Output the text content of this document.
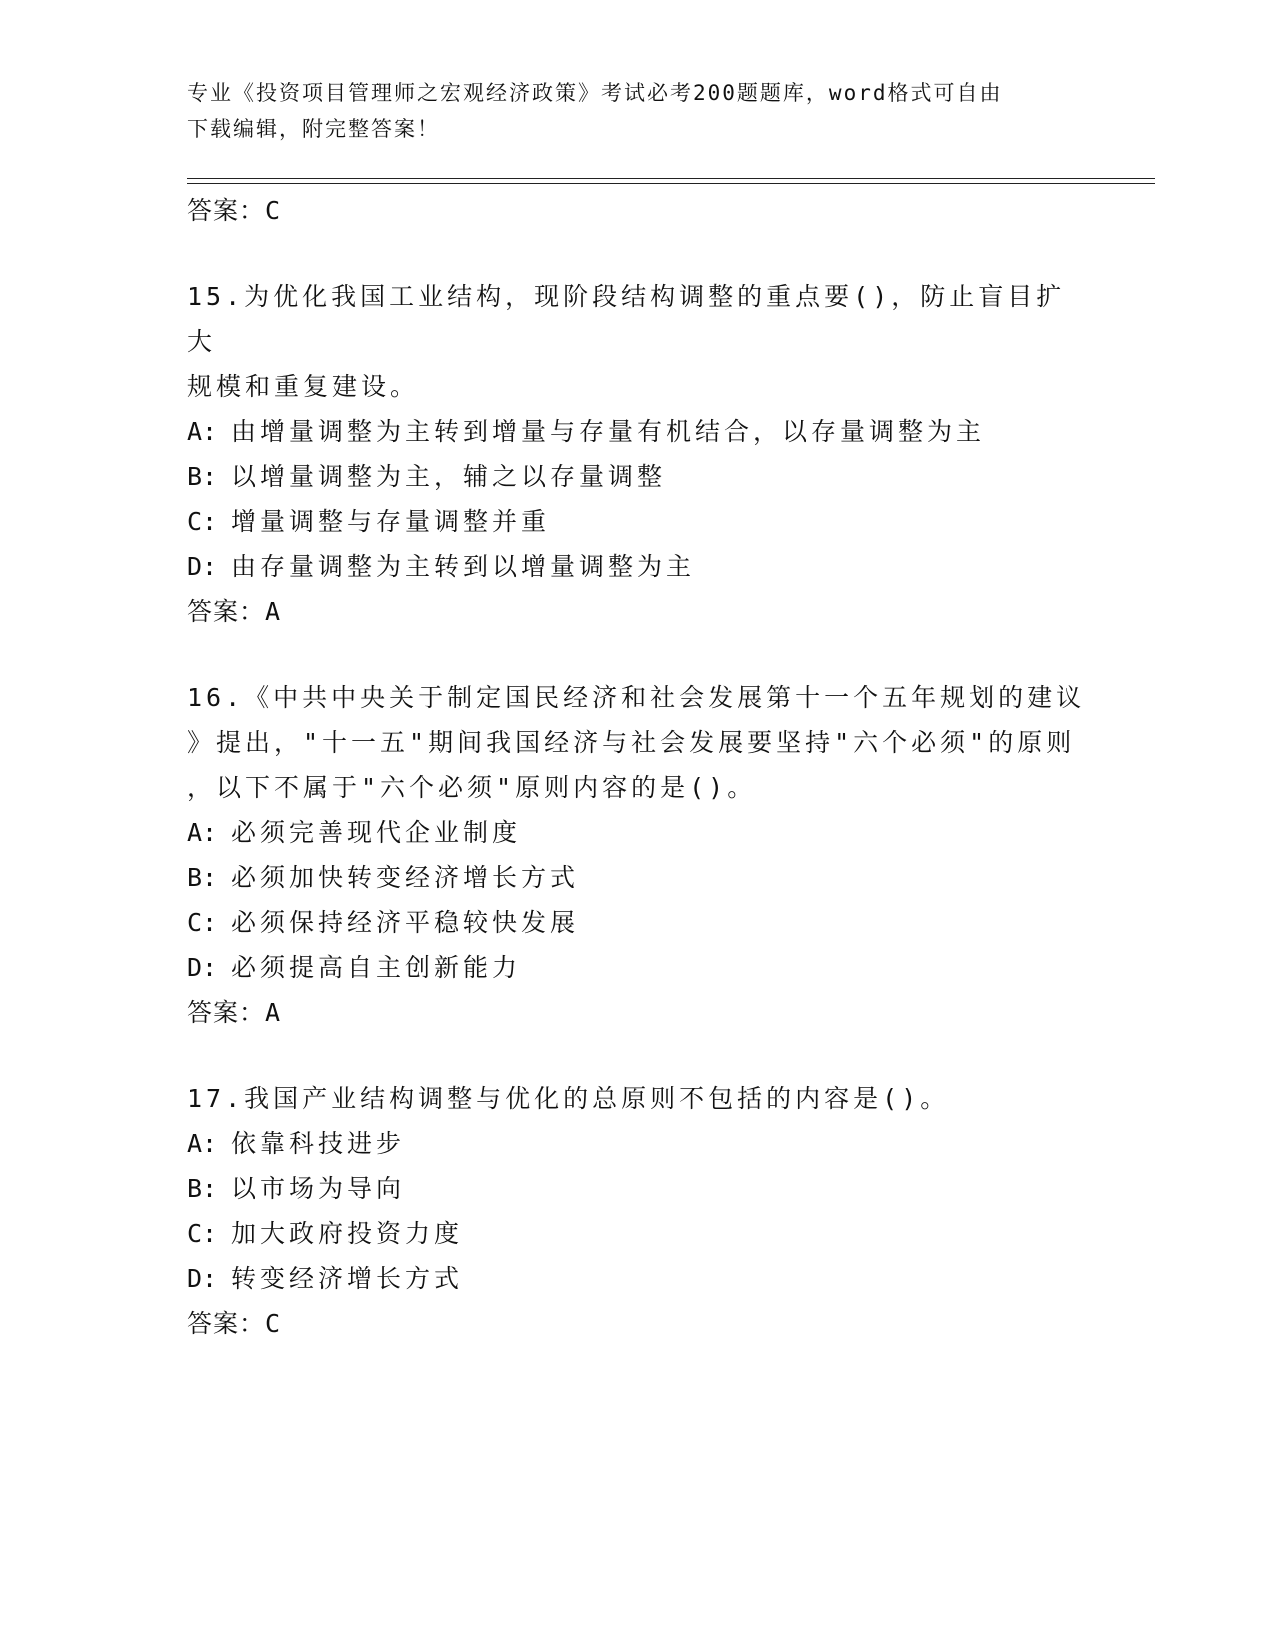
专业《投资项目管理师之宏观经济政策》考试必考200题题库，word格式可自由
下载编辑，附完整答案！
答案：C
15.为优化我国工业结构，现阶段结构调整的重点要()，防止盲目扩大
规模和重复建设。
A: 由增量调整为主转到增量与存量有机结合，以存量调整为主
B: 以增量调整为主，辅之以存量调整
C: 增量调整与存量调整并重
D: 由存量调整为主转到以增量调整为主
答案：A
16.《中共中央关于制定国民经济和社会发展第十一个五年规划的建议
》提出，"十一五"期间我国经济与社会发展要坚持"六个必须"的原则
，以下不属于"六个必须"原则内容的是()。
A: 必须完善现代企业制度
B: 必须加快转变经济增长方式
C: 必须保持经济平稳较快发展
D: 必须提高自主创新能力
答案：A
17.我国产业结构调整与优化的总原则不包括的内容是()。
A: 依靠科技进步
B: 以市场为导向
C: 加大政府投资力度
D: 转变经济增长方式
答案：C
